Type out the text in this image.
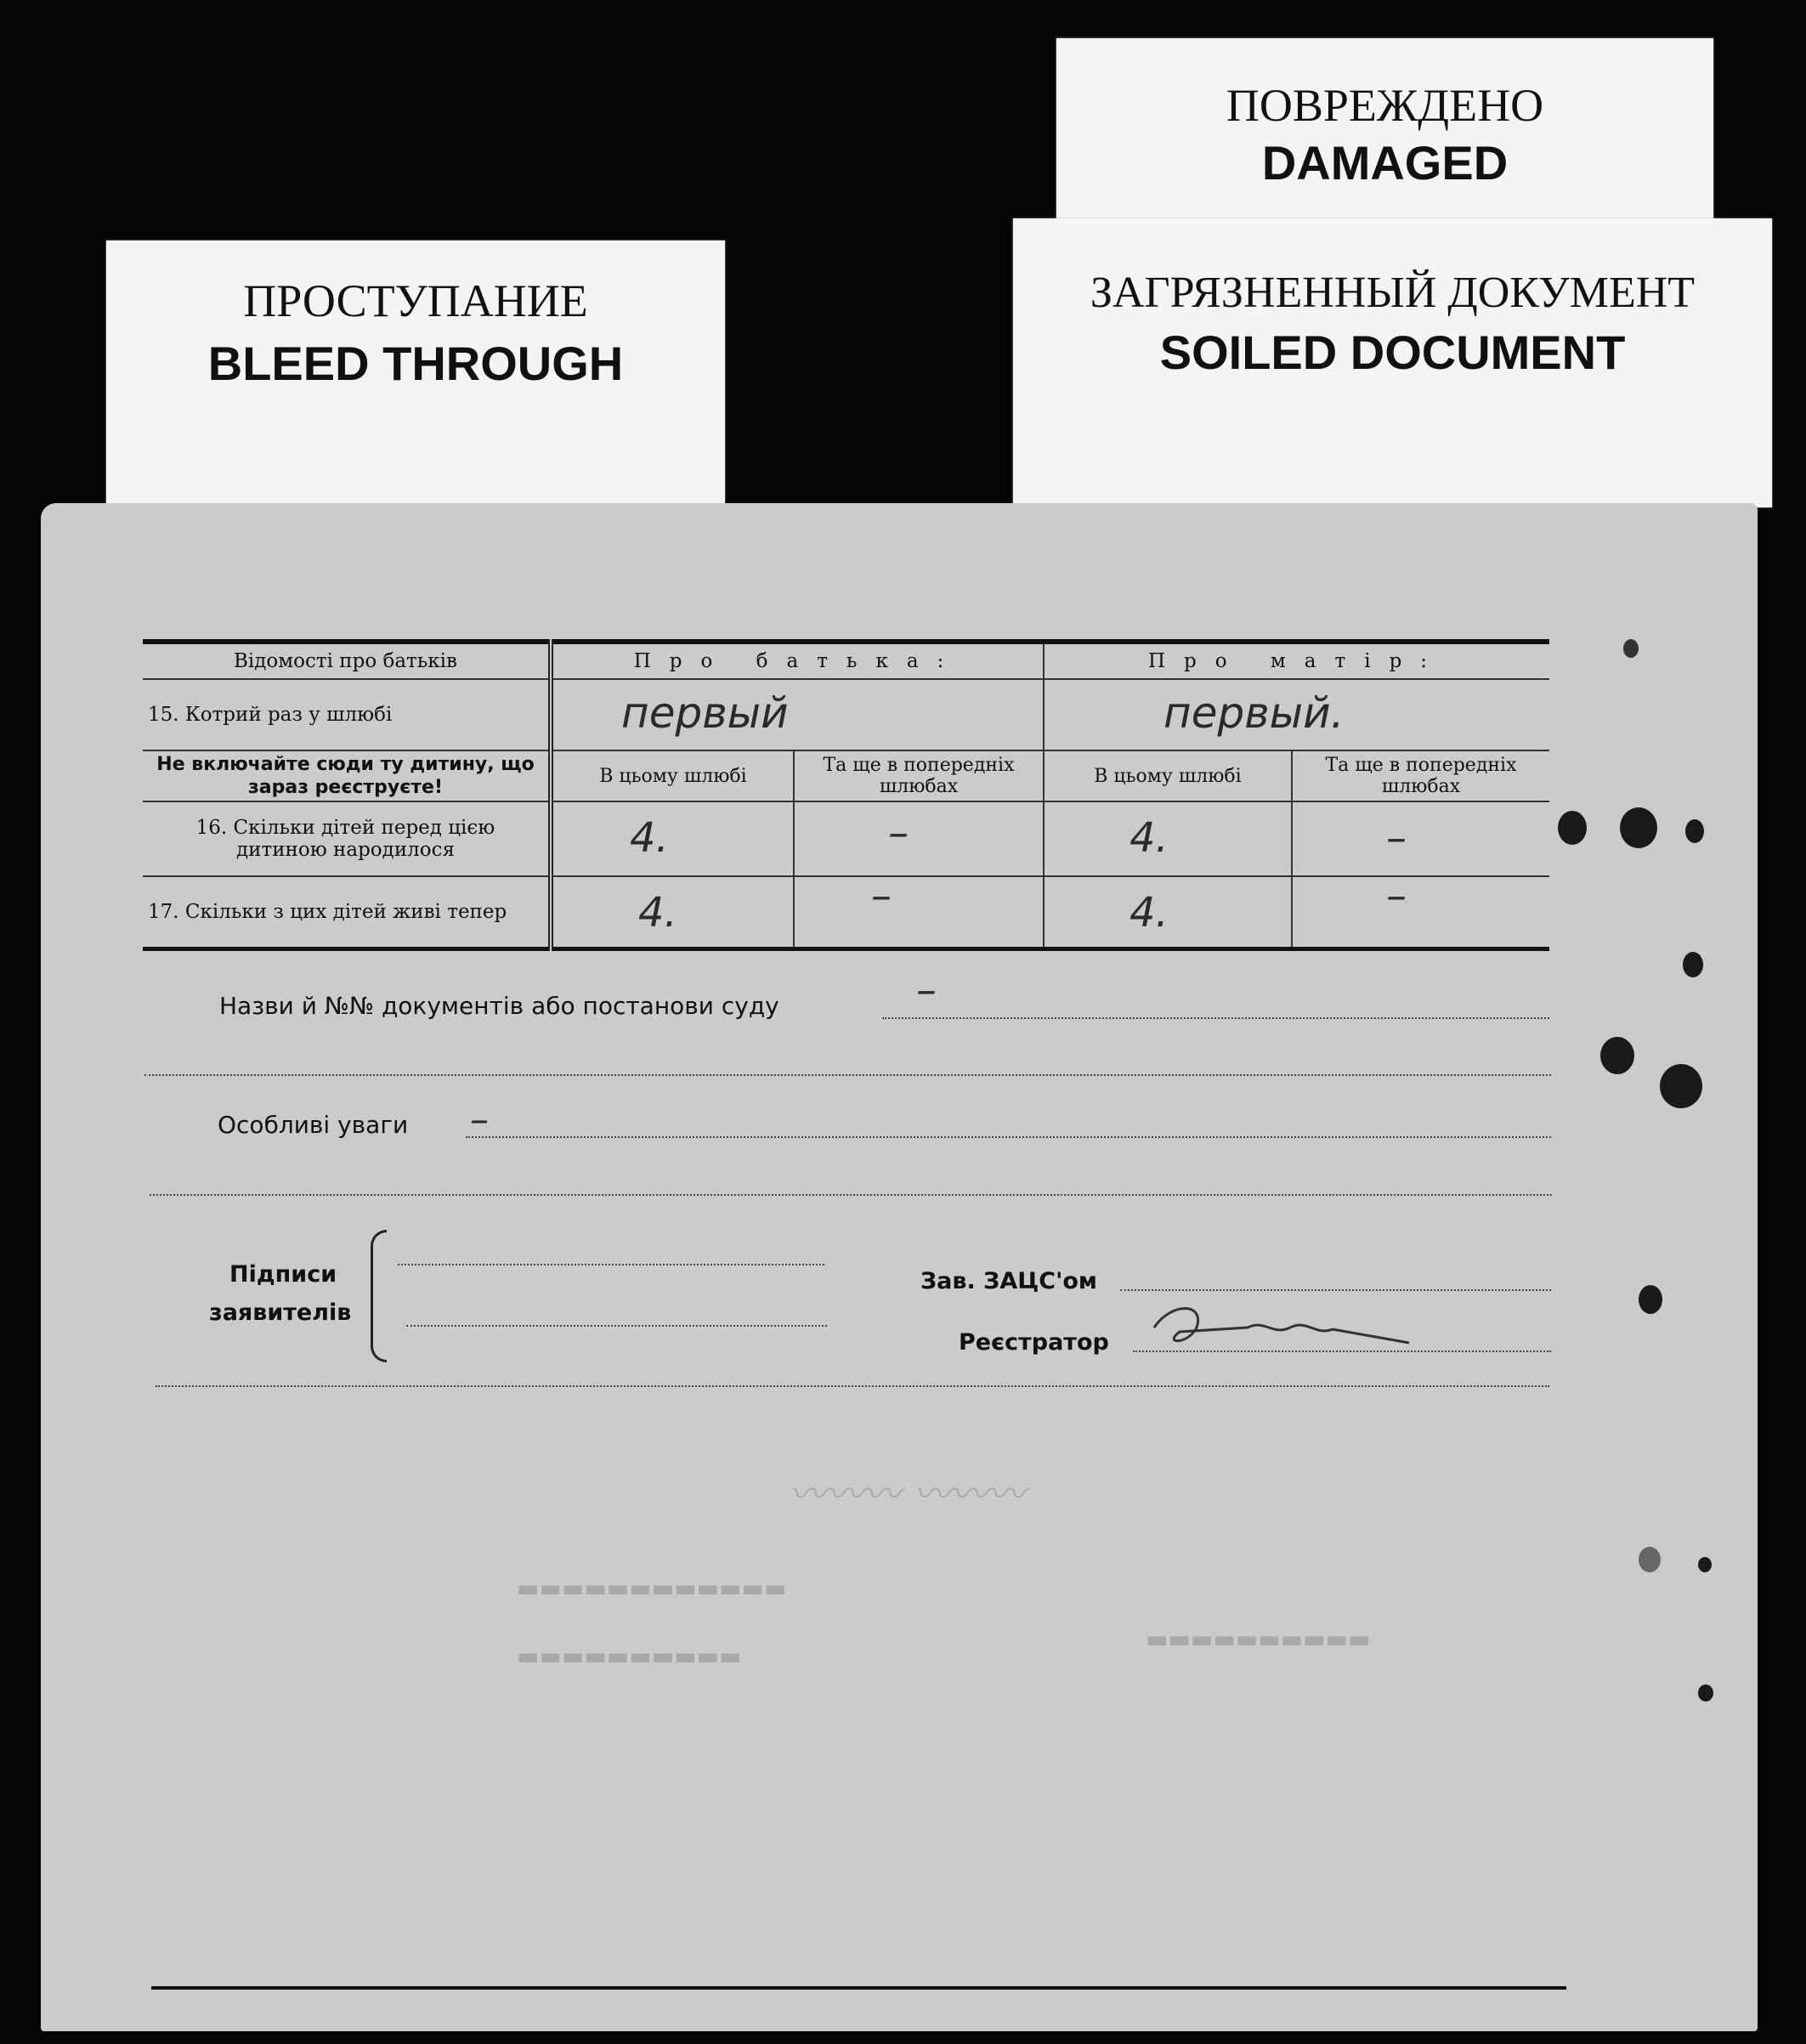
ПРОСТУПАНИЕ
BLEED THROUGH
ПОВРЕЖДЕНО
DAMAGED
ЗАГРЯЗНЕННЫЙ ДОКУМЕНТ
SOILED DOCUMENT
〰〰〰 〰〰〰
▬▬▬▬▬▬▬▬▬▬▬▬
▬▬▬▬▬▬▬▬▬▬
▬▬▬▬▬▬▬▬▬▬
Відомості про батьків	Про батька:		Про матір:	
15. Котрий раз у шлюбі	первый		первый.	

Не включайте сюди ту дитину, що зараз реєструєте!	В цьому шлюбі	Та ще в попередніх шлюбах	В цьому шлюбі	Та ще в попередніх шлюбах
16. Скільки дітей перед цією дитиною народилося	4.	–	4.	–

17. Скільки з цих дітей живі тепер	4.	–	4.	–
Назви й №№ документів або постанови суду	–
Особливі уваги –
Підписи
заявителів
Зав. ЗАЦС'ом
Реєстратор
